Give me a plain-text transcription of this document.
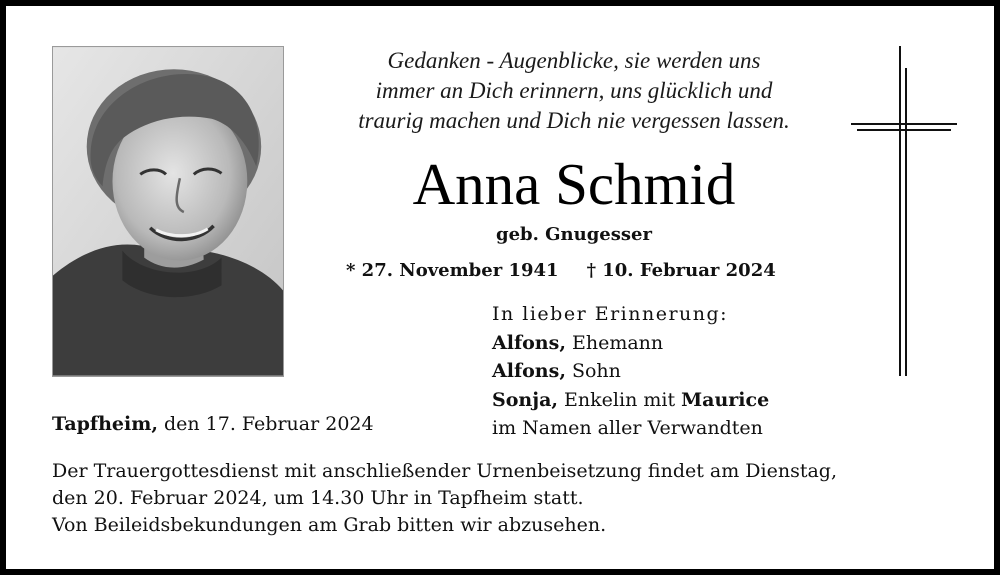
Gedanken - Augenblicke, sie werden uns
immer an Dich erinnern, uns glücklich und
traurig machen und Dich nie vergessen lassen.
Anna Schmid
geb. Gnugesser
* 27. November 1941 † 10. Februar 2024
In lieber Erinnerung:
Alfons, Ehemann
Alfons, Sohn
Sonja, Enkelin mit Maurice
im Namen aller Verwandten
Tapfheim, den 17. Februar 2024
Der Trauergottesdienst mit anschließender Urnenbeisetzung findet am Dienstag,
den 20. Februar 2024, um 14.30 Uhr in Tapfheim statt.
Von Beileidsbekundungen am Grab bitten wir abzusehen.
